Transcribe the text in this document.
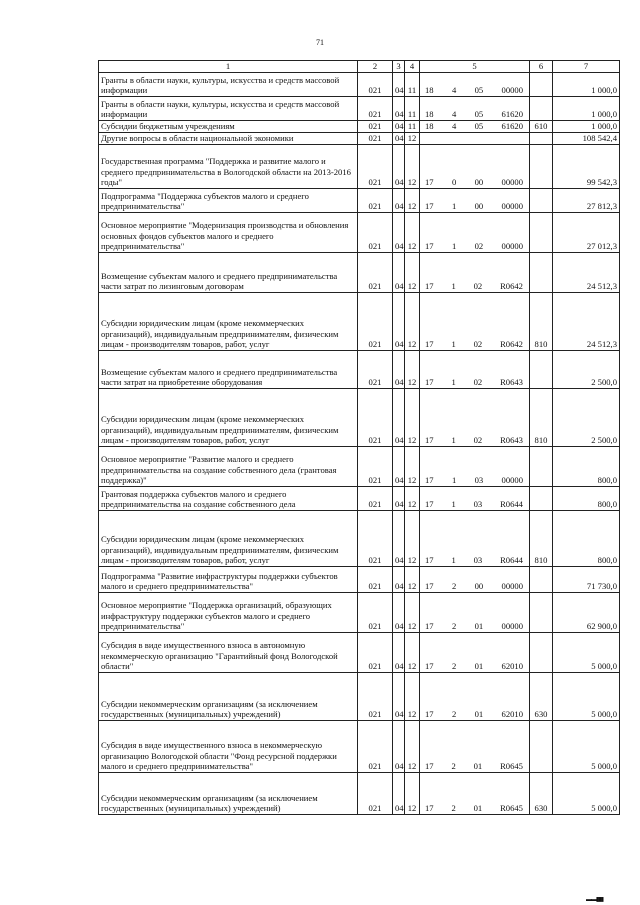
71
1	2	3	4	5	6	7
Гранты в области науки, культуры, искусства и средств массовой информации	021	04	11	18 4 05 00000		1 000,0
Гранты в области науки, культуры, искусства и средств массовой информации	021	04	11	18 4 05 61620		1 000,0
Субсидии бюджетным учреждениям	021	04	11	18 4 05 61620	610	1 000,0
Другие вопросы в области национальной экономики	021	04	12			108 542,4
Государственная программа "Поддержка и развитие малого и среднего предпринимательства в Вологодской области на 2013-2016 годы"	021	04	12	17 0 00 00000		99 542,3
Подпрограмма "Поддержка субъектов малого и среднего предпринимательства"	021	04	12	17 1 00 00000		27 812,3
Основное мероприятие "Модернизация производства и обновления основных фондов субъектов малого и среднего предпринимательства"	021	04	12	17 1 02 00000		27 012,3
Возмещение субъектам малого и среднего предпринимательства части затрат по лизинговым договорам	021	04	12	17 1 02 R0642		24 512,3
Субсидии юридическим лицам (кроме некоммерческих организаций), индивидуальным предпринимателям, физическим лицам - производителям товаров, работ, услуг	021	04	12	17 1 02 R0642	810	24 512,3
Возмещение субъектам малого и среднего предпринимательства части затрат на приобретение оборудования	021	04	12	17 1 02 R0643		2 500,0
Субсидии юридическим лицам (кроме некоммерческих организаций), индивидуальным предпринимателям, физическим лицам - производителям товаров, работ, услуг	021	04	12	17 1 02 R0643	810	2 500,0
Основное мероприятие "Развитие малого и среднего предпринимательства на создание собственного дела (грантовая поддержка)"	021	04	12	17 1 03 00000		800,0
Грантовая поддержка субъектов малого и среднего предпринимательства на создание собственного дела	021	04	12	17 1 03 R0644		800,0
Субсидии юридическим лицам (кроме некоммерческих организаций), индивидуальным предпринимателям, физическим лицам - производителям товаров, работ, услуг	021	04	12	17 1 03 R0644	810	800,0
Подпрограмма "Развитие инфраструктуры поддержки субъектов малого и среднего предпринимательства"	021	04	12	17 2 00 00000		71 730,0
Основное мероприятие "Поддержка организаций, образующих инфраструктуру поддержки субъектов малого и среднего предпринимательства"	021	04	12	17 2 01 00000		62 900,0
Субсидия в виде имущественного взноса в автономную некоммерческую организацию "Гарантийный фонд Вологодской области"	021	04	12	17 2 01 62010		5 000,0
Субсидии некоммерческим организациям (за исключением государственных (муниципальных) учреждений)	021	04	12	17 2 01 62010	630	5 000,0
Субсидия в виде имущественного взноса в некоммерческую организацию Вологодской области "Фонд ресурсной поддержки малого и среднего предпринимательства"	021	04	12	17 2 01 R0645		5 000,0
Субсидии некоммерческим организациям (за исключением государственных (муниципальных) учреждений)	021	04	12	17 2 01 R0645	630	5 000,0
▬▬▮▮▮
